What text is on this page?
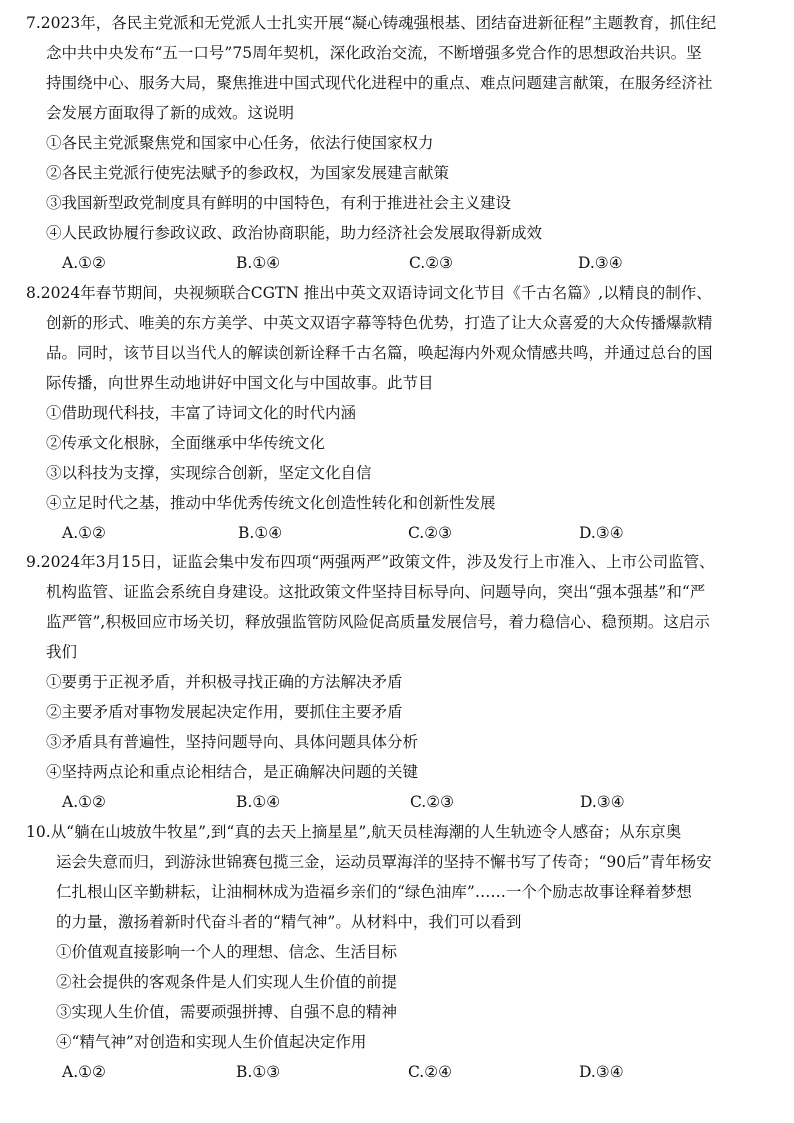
7.2023年，各民主党派和无党派人士扎实开展“凝心铸魂强根基、团结奋进新征程”主题教育，抓住纪
念中共中央发布“五一口号”75周年契机，深化政治交流，不断增强多党合作的思想政治共识。坚
持围绕中心、服务大局，聚焦推进中国式现代化进程中的重点、难点问题建言献策，在服务经济社
会发展方面取得了新的成效。这说明
①各民主党派聚焦党和国家中心任务，依法行使国家权力
②各民主党派行使宪法赋予的参政权，为国家发展建言献策
③我国新型政党制度具有鲜明的中国特色，有利于推进社会主义建设
④人民政协履行参政议政、政治协商职能，助力经济社会发展取得新成效
A.①②	B.①④	C.②③	D.③④
8.2024年春节期间，央视频联合CGTN 推出中英文双语诗词文化节目《千古名篇》,以精良的制作、
创新的形式、唯美的东方美学、中英文双语字幕等特色优势，打造了让大众喜爱的大众传播爆款精
品。同时，该节目以当代人的解读创新诠释千古名篇，唤起海内外观众情感共鸣，并通过总台的国
际传播，向世界生动地讲好中国文化与中国故事。此节目
①借助现代科技，丰富了诗词文化的时代内涵
②传承文化根脉，全面继承中华传统文化
③以科技为支撑，实现综合创新，坚定文化自信
④立足时代之基，推动中华优秀传统文化创造性转化和创新性发展
A.①②	B.①④	C.②③	D.③④
9.2024年3月15日，证监会集中发布四项“两强两严”政策文件，涉及发行上市准入、上市公司监管、
机构监管、证监会系统自身建设。这批政策文件坚持目标导向、问题导向，突出“强本强基”和“严
监严管”,积极回应市场关切，释放强监管防风险促高质量发展信号，着力稳信心、稳预期。这启示
我们
①要勇于正视矛盾，并积极寻找正确的方法解决矛盾
②主要矛盾对事物发展起决定作用，要抓住主要矛盾
③矛盾具有普遍性，坚持问题导向、具体问题具体分析
④坚持两点论和重点论相结合，是正确解决问题的关键
A.①②	B.①④	C.②③	D.③④
10.从“躺在山坡放牛牧星”,到“真的去天上摘星星”,航天员桂海潮的人生轨迹令人感奋；从东京奥
运会失意而归，到游泳世锦赛包揽三金，运动员覃海洋的坚持不懈书写了传奇；“90后”青年杨安
仁扎根山区辛勤耕耘，让油桐林成为造福乡亲们的“绿色油库”……一个个励志故事诠释着梦想
的力量，激扬着新时代奋斗者的“精气神”。从材料中，我们可以看到
①价值观直接影响一个人的理想、信念、生活目标
②社会提供的客观条件是人们实现人生价值的前提
③实现人生价值，需要顽强拼搏、自强不息的精神
④“精气神”对创造和实现人生价值起决定作用
A.①②	B.①③	C.②④	D.③④
